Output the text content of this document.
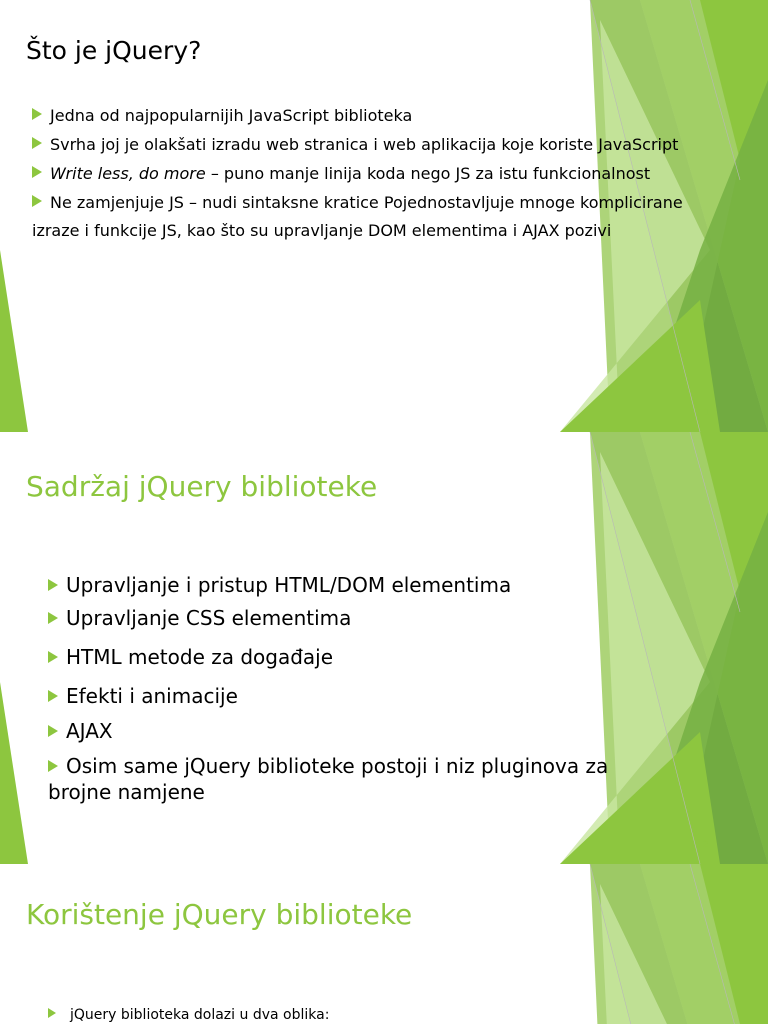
Što je jQuery?
Jedna od najpopularnijih JavaScript biblioteka
Svrha joj je olakšati izradu web stranica i web aplikacija koje koriste JavaScript
Write less, do more – puno manje linija koda nego JS za istu funkcionalnost
Ne zamjenjuje JS – nudi sintaksne kratice Pojednostavljuje mnoge komplicirane izraze i funkcije JS, kao što su upravljanje DOM elementima i AJAX pozivi
1
Sadržaj jQuery biblioteke
Upravljanje i pristup HTML/DOM elementima
Upravljanje CSS elementima
HTML metode za događaje
Efekti i animacije
AJAX
Osim same jQuery biblioteke postoji i niz pluginova za brojne namjene
2
Korištenje jQuery biblioteke
jQuery biblioteka dolazi u dva oblika:
